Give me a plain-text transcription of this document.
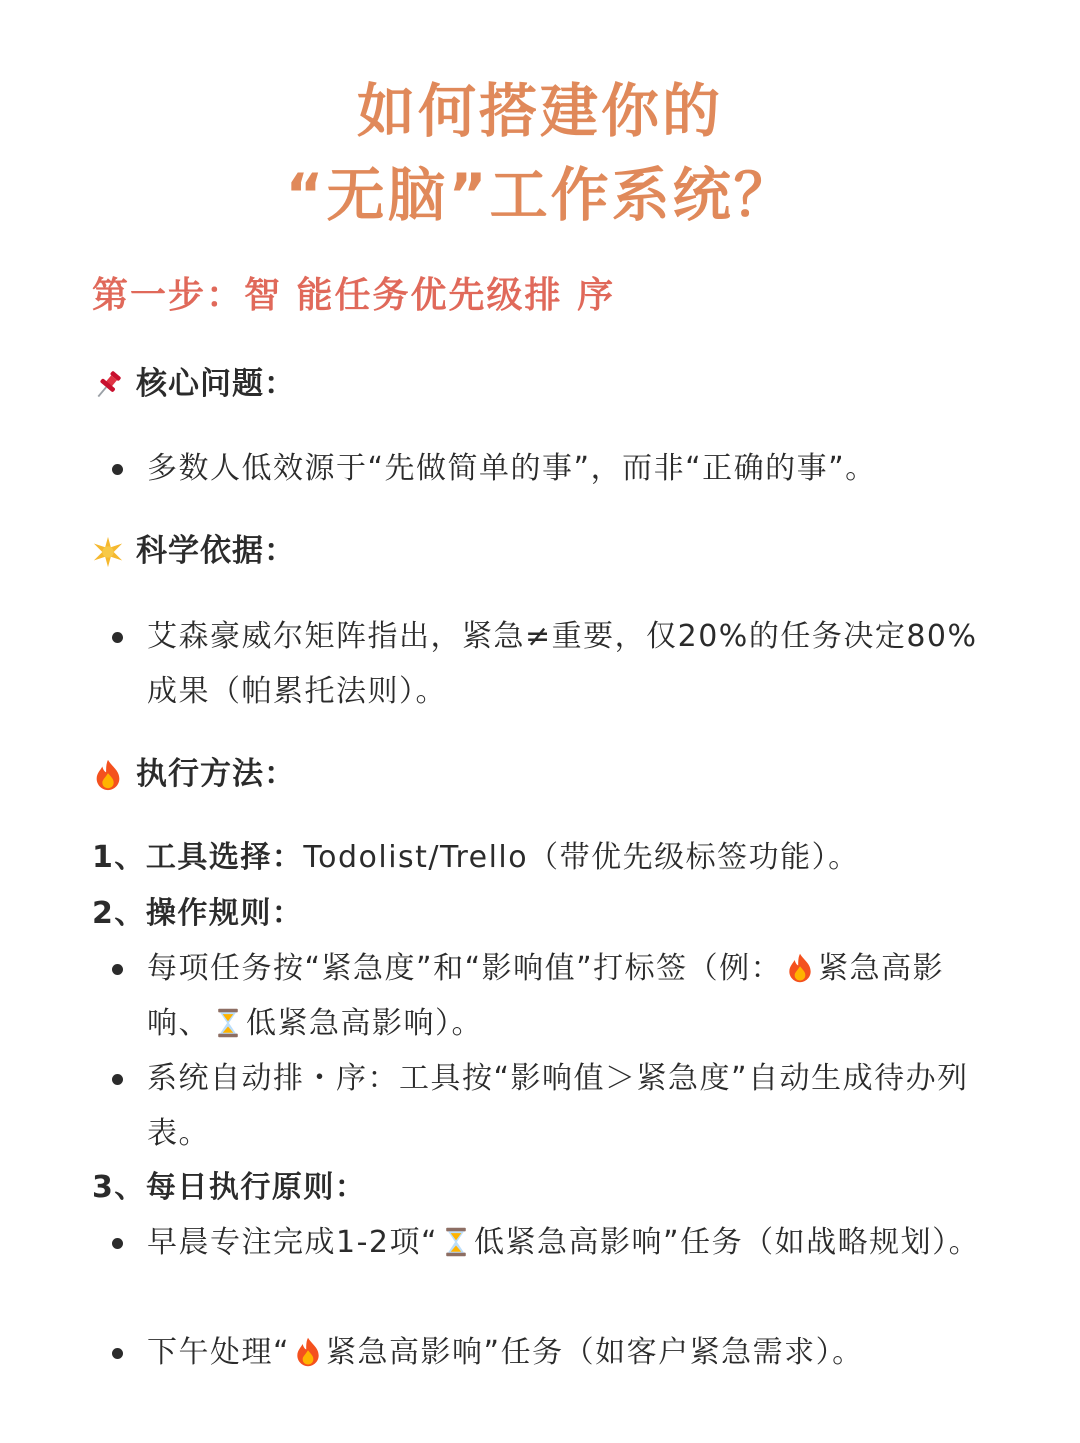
如何搭建你的
“无脑”工作系统？
第一步：智 能任务优先级排 序
核心问题：
多数人低效源于“先做简单的事”，而非“正确的事”。
科学依据：
艾森豪威尔矩阵指出，紧急≠重要，仅20%的任务决定80%成果（帕累托法则）。
执行方法：

1、工具选择：Todolist/Trello（带优先级标签功能）。

2、操作规则：

每项任务按“紧急度”和“影响值”打标签（例： 紧急高影响、 低紧急高影响）。
系统自动排・序：工具按“影响值＞紧急度”自动生成待办列表。

3、每日执行原则：

早晨专注完成1-2项“ 低紧急高影响”任务（如战略规划）。
下午处理“ 紧急高影响”任务（如客户紧急需求）。
